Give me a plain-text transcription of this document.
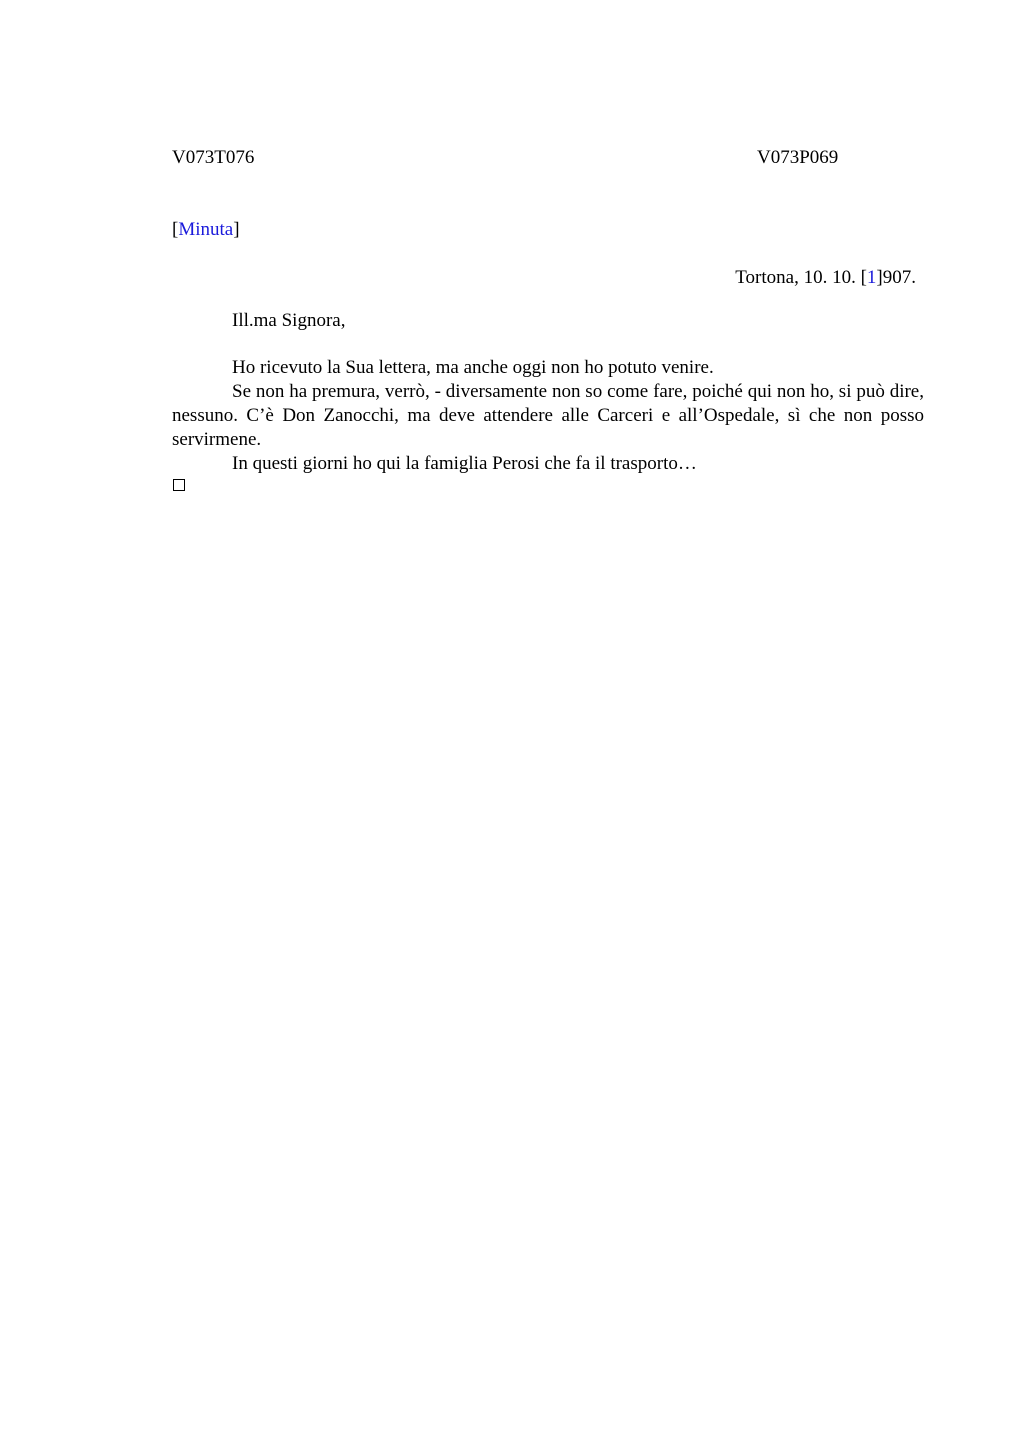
V073T076	V073P069
[Minuta]
Tortona, 10. 10. [1]907.
Ill.ma Signora,

Ho ricevuto la Sua lettera, ma anche oggi non ho potuto venire.

Se non ha premura, verrò, - diversamente non so come fare, poiché qui non ho, si può dire, nessuno. C’è Don Zanocchi, ma deve attendere alle Carceri e all’Ospedale, sì che non posso servirmene.

In questi giorni ho qui la famiglia Perosi che fa il trasporto…
